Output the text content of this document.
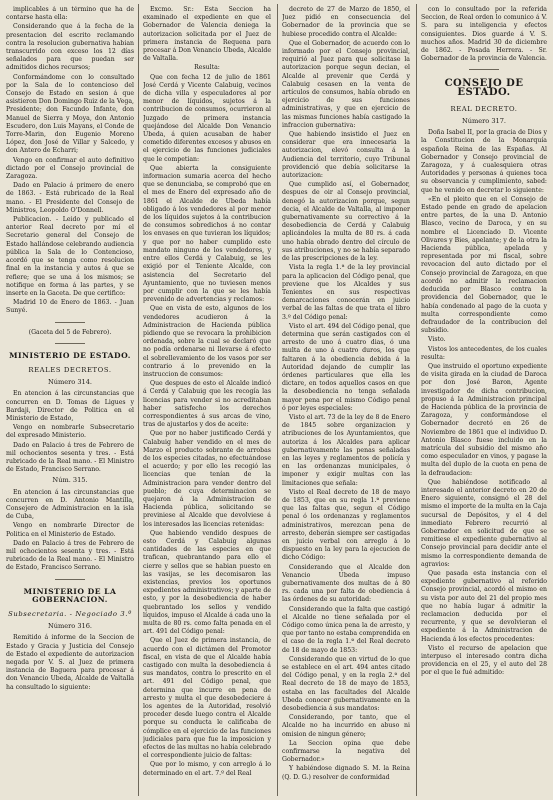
implicables á un término que ha de contarse hasta ella:

Considerando que á la fecha de la presentacion del escrito reclamando contra la resolucion gubernativa habian transcurrido con exceso los 12 días señalados para que puedan ser admitidos dichos recursos;

Conformándome con lo consultado por la Sala de lo contencioso del Consejo de Estado en sesion á que asistieron Don Domingo Ruiz de la Vega, Presidente; don Facundo Infante, don Manuel de Sierra y Moya, don Antonio Escudero, don Luis Mayans, el Conde de Torre-Marin, don Eugenio Moreno López, don José de Villar y Salcedo, y don Antero de Echarri;

Vengo en confirmar el auto definitivo dictado por el Consejo provincial de Zaragoza.

Dado en Palacio á primero de enero de 1863. - Está rubricado de la Real mano. - El Presidente del Consejo de Ministros, Leopoldo O'Donnell.

Publicacion. - Leido y publicado el anterior Real decreto por mí el Secretario general del Consejo de Estado hallándose celebrando audiencia pública la Sala de lo Contencioso, acordó que se tenga como resolucion final en la instancia y autos á que se refiere; que se una á los mismos; se notifique en forma á las partes, y se inserte en la Gaceta. De que certifico:

Madrid 10 de Enero de 1863. - Juan Sunyé.

(Gaceta del 5 de Febrero).

MINISTERIO DE ESTADO.

REALES DECRETOS.

Número 314.

En atencion á las circunstancias que concurren en D. Tomas de Ligues y Bardaji, Director de Politica en el Ministerio de Estado,

Vengo en nombrarle Subsecretario del expresado Ministerio.

Dado en Palacio á tres de Febrero de mil ochocientos sesenta y tres. - Está rubricado de la Real mano. - El Ministro de Estado, Francisco Serrano.

Núm. 315.

En atencion á las circunstancias que concurren en D. Antonio Mantilla, Consejero de Administracion en la isla de Cuba,

Vengo en nombrarle Director de Politica en el Ministerio de Estado.

Dado en Palacio á tres de Febrero de mil ochocientos sesenta y tres. - Está rubricado de la Real mano. - El Ministro de Estado, Francisco Serrano.

MINISTERIO DE LA GOBERNACION.

Subsecretaria. - Negociado 3.º

Número 316.

Remitido á informe de la Seccion de Estado y Gracia y Justicia del Consejo de Estado el expediente de autorizacion negada por V. S. al Juez de primera instancia de Baguera para procesar á don Venancio Ubeda, Alcalde de Valtalla ha consultado lo siguiente:

Excmo. Sr.: Esta Seccion ha examinado el expediente en que el Gobernador de Valencia deniega la autorizacion solicitada por el Juez de primera instancia de Requena para procesar á Don Venancio Ubeda, Alcalde de Valtalla.

Resulta:

Que con fecha 12 de julio de 1861 José Cerdá y Vicente Calabuig, vecinos de dicha villa y especuladores al por menor de líquidos, sujetos á la contribucion de consumos, ocurrieron al Juzgado de primera instancia quejándose del Alcalde Don Venancio Ubeda, á quien acusaban de haber cometido diferentes excesos y abusos en el ejercicio de las funciones judiciales que le competian:

Que abierta la consiguiente informacion sumaria acerca del hecho que se denunciaba, se comprobó que en el mes de Enero del expresado año de 1861 el Alcalde de Ubeda había obligado á los vendedores al por menor de los líquidos sujetos á la contribucion de consumos sobredichos á no contar los envases en que tuvieran los líquidos; y que por no haber cumplido este mandato ninguno de los vendedores, y entre ellos Cerdá y Calabuig, se les exigió por el Teniente Alcalde, con asistencia del Secretario del Ayuntamiento, que no tuviesen menos por cumplir con la que se les había prevenido de advertencias y reclamos:

Que en vista de esto, algunos de los vendedores acudieron á la Administracion de Hacienda pública pidiendo que se revocara la prohibicion ordenada, sobre la cual se declaró que no podía ordenarse ni llevarse á efecto el sobrellevamiento de los vasos por ser contrario á lo prevenido en la instruccion de consumos:

Que despues de esto el Alcalde indicó á Cerdá y Calabuig que les recogía las licencias para vender si no acreditaban haber satisfecho los derechos correspondientes á sus arcas de vino, tras de ajustarlos y dos de aceite:

Que por no haber justificado Cerdá y Calabuig haber vendido en el mes de Marzo el producto sobrante de arrobas de los especies citadas, no efectuándose el acuerdo; y por ello les recogió las licencias que tenían de la Administracion para vender dentro del pueblo; de cuya determinacion se quejaron á la Administracion de Hacienda pública, solicitando se previniese al Alcalde que devolviese á los interesados las licencias retenidas:

Que habiendo vendido despues de esto Cerdá y Calabuig algunas cantidades de las especies en que trafican, quebrantando para ello el cierre y sellos que se habian puesto en las vasijas, se les decomisaron las existencias, previos los oportunos expedientes administrativos; y aparte de esto, y por la desobediencia de haber quebrantado los sellos y vendido líquidos, impuso el Alcalde á cada uno la multa de 80 rs. como falta penada en el art. 491 del Código penal:

Que el Juez de primera instancia, de acuerdo con el dictámen del Promotor fiscal, en vista de que el Alcalde había castigado con multa la desobediencia á sus mandatos, contra lo prescrito en el art. 491 del Código penal, que determina que incurre en pena de arresto y multa el que desobedeciere á los agentes de la Autoridad, resolvió proceder desde luego contra el Alcalde porque su conducta le calificaba de cómplice en el ejercicio de las funciones judiciales para que fue la imposicion y efectos de las multas no había celebrado el correspondiente juicio de faltas:

Que por lo mismo, y con arreglo á lo determinado en el art. 7.º del Real

decreto de 27 de Marzo de 1850, el Juez pidió en consecuencia del Gobernador de la provincia que se hubiese procedido contra el Alcalde:

Que el Gobernador, de acuerdo con lo informado por el Consejo provincial, requirió al Juez para que solicitase la autorizacion porque segun decian, el Alcalde al prevenir que Cerdá y Calabuig cesasen en la venta de artículos de consumos, había obrado en ejercicio de sus funciones administrativas, y que en ejercicio de las mismas funciones había castigado la infraccion gubernativa:

Que habiendo insistido el Juez en considerar que era innecesaria la autorizacion, elevó consulta á la Audiencia del territorio, cuyo Tribunal providenció que debía solicitarse la autorizacion:

Que cumplido así, el Gobernador, despues de oir al Consejo provincial, denegó la autorizacion porque, segun decia, el Alcalde de Valtalla, al imponer gubernativamente su correctivo á la desobediencia de Cerdá y Calabuig aplicándoles la multa de 80 rs. á cada uno había obrado dentro del círculo de sus atribuciones, y no se había separado de las prescripciones de la ley.

Vista la regla 1.ª de la ley provincial para la aplicacion del Código penal, que previene que los Alcaldes y sus Tenientes en sus respectivas demarcaciones conocerán en juicio verbal de las faltas de que trata el libro 3.º del Código penal:

Visto el art. 494 del Código penal, que determina que serán castigados con el arresto de uno á cuatro dias, ó una multa de uno á cuatro duros, los que faltaren á la obediencia debida á la Autoridad dejando de cumplir las órdenes particulares que ella les dictare, en todos aquellos casos en que la desobediencia no tenga señalada mayor pena por el mismo Código penal ó por leyes especiales:

Visto el art. 73 de la ley de 8 de Enero de 1845 sobre organizacion y atribuciones de los Ayuntamientos, que autoriza á los Alcaldes para aplicar gubernativamente las penas señaladas en las leyes y reglamentos de policía y en las ordenanzas municipales, ó imponer y exigir multas con las limitaciones que señala:

Visto el Real decreto de 18 de mayo de 1853, que en su regla 1.ª previene que las faltas que, segun el Código penal ó los ordenanzas y reglamentos administrativos, merezcan pena de arresto, deberán siempre ser castigadas en juicio verbal con arreglo á lo dispuesto en la ley para la ejecucion de dicho Código:

Considerando que el Alcalde don Venancio Ubeda impuso gubernativamente dos multas de á 80 rs. cada una por falta de obediencia á las órdenes de su autoridad:

Considerando que la falta que castigó el Alcalde no tiene señalada por el Código como única pena la de arresto, y que por tanto no estaba comprendida en el caso de la regla 1.ª del Real decreto de 18 de mayo de 1853:

Considerando que en virtud de lo que se establece en el art. 494 antes citado del Código penal, y en la regla 2.ª del Real decreto de 18 de mayo de 1853, estaba en las facultades del Alcalde Ubeda conocer gubernativamente en la desobediencia á sus mandatos:

Considerando, por tanto, que el Alcalde no ha incurrido en abuso ni omision de ningun género;

La Seccion opina que debe confirmarse la negativa del Gobernador.»

Y habiéndose dignado S. M. la Reina (Q. D. G.) resolver de conformidad

con lo consultado por la referida Seccion, de Real orden lo comunico á V. S. para su inteligencia y efectos consiguientes. Dios guarde á V. S. muchos años. Madrid 30 de diciembre de 1862. - Posada Herrera. - Sr. Gobernador de la provincia de Valencia.

CONSEJO DE ESTADO.

REAL DECRETO.

Número 317.

Doña Isabel II, por la gracia de Dios y la Constitucion de la Monarquía española Reina de las Españas. Al Gobernador y Consejo provincial de Zaragoza, y á cualesquiera otras Autoridades y personas á quienes toca su observancia y cumplimiento, sabed: que he venido en decretar lo siguiente:

«En el pleito que en el Consejo de Estado pende en grado de apelacion entre partes, de la una D. Antonio Blasco, vecino de Daroca, y en su nombre el Licenciado D. Vicente Olivares y Bies, apelante; y de la otra la Hacienda pública, apelada y representada por mi fiscal, sobre revocacion del auto dictado por el Consejo provincial de Zaragoza, en que acordó no admitir la reclamacion deducida por Blasco contra la providencia del Gobernador, que le había condenado al pago de la cuota y multa correspondiente como defraudador de la contribucion del subsidio.

Visto.

Vistos los antecedentes, de los cuales resulta:

Que instruido el oportuno expediente de visita girada en la ciudad de Daroca por don José Baron, Agente investigador de dicha contribucion, propuso á la Administracion principal de Hacienda pública de la provincia de Zaragoza, y conformándose el Gobernador decretó en 26 de Noviembre de 1861 que el individuo D. Antonio Blasco fuese incluido en la matrícula del subsidio del mismo año como especulador en vinos, y pagase la multa del duplo de la cuota en pena de la defraudacion:

Que habiéndose notificado al interesado el anterior decreto en 20 de Enero siguiente, consignó el 28 del mismo el importe de la multa en la Caja sucursal de Depósitos, y el 4 del inmediato Febrero recurrió al Gobernador en solicitud de que se remitiese el expediente gubernativo al Consejo provincial para decidir ante el mismo la correspondiente demanda de agravios:

Que pasada esta instancia con el expediente gubernativo al referido Consejo provincial, acordó el mismo en su vista por auto del 21 del propio mes que no había lugar á admitir la reclamacion deducida por el recurrente, y que se devolvieran el expediente á la Administracion de Hacienda á los efectos procedentes:

Visto el recurso de apelacion que interpuso el interesado contra dicha providencia en el 25, y el auto del 28 por el que le fué admitido:
